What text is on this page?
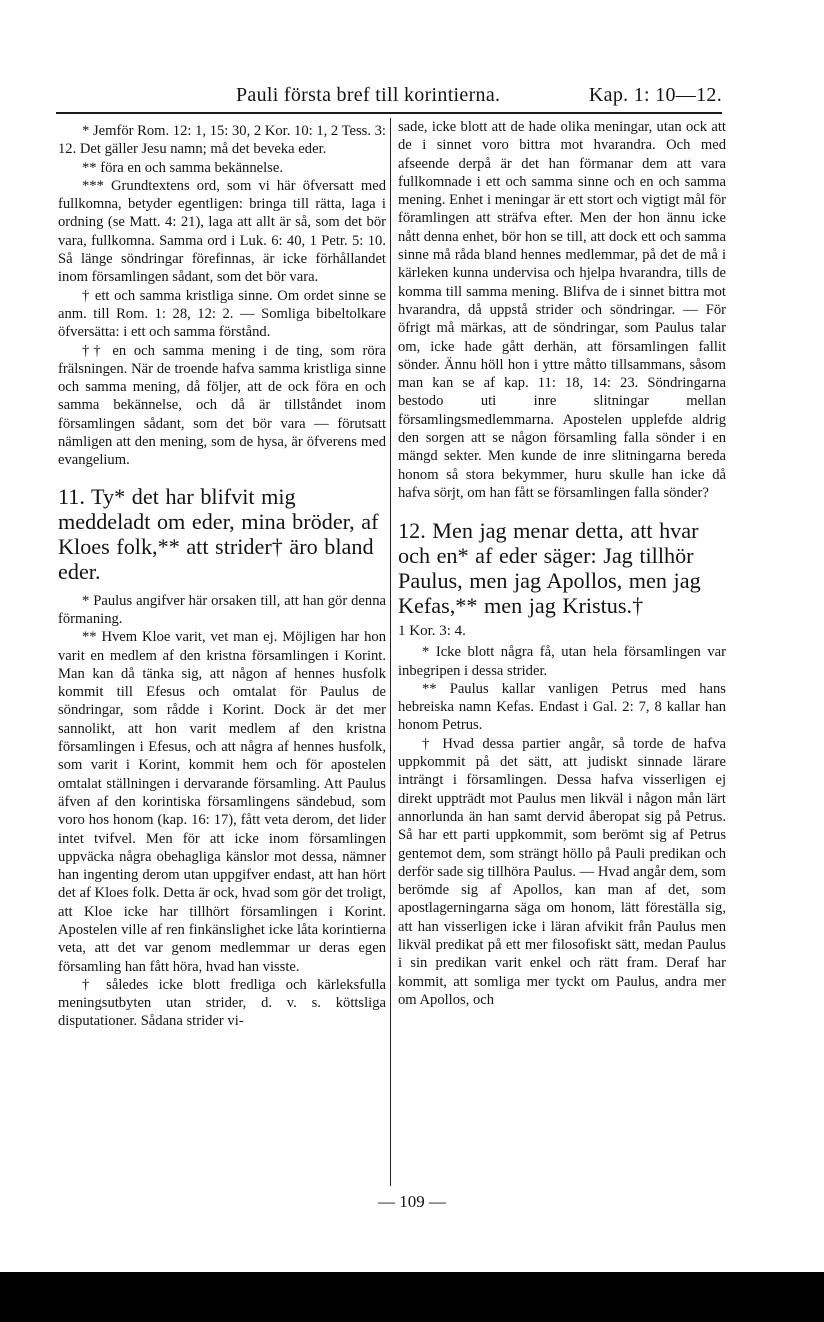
Pauli första bref till korintierna.	Kap. 1: 10—12.

* Jemför Rom. 12: 1, 15: 30, 2 Kor. 10: 1, 2 Tess. 3: 12. Det gäller Jesu namn; må det beveka eder.

** föra en och samma bekännelse.

*** Grundtextens ord, som vi här öfversatt med fullkomna, betyder egentligen: bringa till rätta, laga i ordning (se Matt. 4: 21), laga att allt är så, som det bör vara, fullkomna. Samma ord i Luk. 6: 40, 1 Petr. 5: 10. Så länge söndringar förefinnas, är icke förhållandet inom församlingen sådant, som det bör vara.

† ett och samma kristliga sinne. Om ordet sinne se anm. till Rom. 1: 28, 12: 2. — Somliga bibeltolkare öfversätta: i ett och samma förstånd.

†† en och samma mening i de ting, som röra frälsningen. När de troende hafva samma kristliga sinne och samma mening, då följer, att de ock föra en och samma bekännelse, och då är tillståndet inom församlingen sådant, som det bör vara — förutsatt nämligen att den mening, som de hysa, är öfverens med evangelium.

11. Ty* det har blifvit mig meddeladt om eder, mina bröder, af Kloes folk,** att strider† äro bland eder.

* Paulus angifver här orsaken till, att han gör denna förmaning.

** Hvem Kloe varit, vet man ej. Möjligen har hon varit en medlem af den kristna församlingen i Korint. Man kan då tänka sig, att någon af hennes husfolk kommit till Efesus och omtalat för Paulus de söndringar, som rådde i Korint. Dock är det mer sannolikt, att hon varit medlem af den kristna församlingen i Efesus, och att några af hennes husfolk, som varit i Korint, kommit hem och för apostelen omtalat ställningen i dervarande församling. Att Paulus äfven af den korintiska församlingens sändebud, som voro hos honom (kap. 16: 17), fått veta derom, det lider intet tvifvel. Men för att icke inom församlingen uppväcka några obehagliga känslor mot dessa, nämner han ingenting derom utan uppgifver endast, att han hört det af Kloes folk. Detta är ock, hvad som gör det troligt, att Kloe icke har tillhört församlingen i Korint. Apostelen ville af ren finkänslighet icke låta korintierna veta, att det var genom medlemmar ur deras egen församling han fått höra, hvad han visste.

† således icke blott fredliga och kärleksfulla meningsutbyten utan strider, d. v. s. köttsliga disputationer. Sådana strider vi-

sade, icke blott att de hade olika meningar, utan ock att de i sinnet voro bittra mot hvarandra. Och med afseende derpå är det han förmanar dem att vara fullkomnade i ett och samma sinne och en och samma mening. Enhet i meningar är ett stort och vigtigt mål för föramlingen att sträfva efter. Men der hon ännu icke nått denna enhet, bör hon se till, att dock ett och samma sinne må råda bland hennes medlemmar, på det de må i kärleken kunna undervisa och hjelpa hvarandra, tills de komma till samma mening. Blifva de i sinnet bittra mot hvarandra, då uppstå strider och söndringar. — För öfrigt må märkas, att de söndringar, som Paulus talar om, icke hade gått derhän, att församlingen fallit sönder. Ännu höll hon i yttre måtto tillsammans, såsom man kan se af kap. 11: 18, 14: 23. Söndringarna bestodo uti inre slitningar mellan församlingsmedlemmarna. Apostelen upplefde aldrig den sorgen att se någon församling falla sönder i en mängd sekter. Men kunde de inre slitningarna bereda honom så stora bekymmer, huru skulle han icke då hafva sörjt, om han fått se församlingen falla sönder?

12. Men jag menar detta, att hvar och en* af eder säger: Jag tillhör Paulus, men jag Apollos, men jag Kefas,** men jag Kristus.†

1 Kor. 3: 4.

* Icke blott några få, utan hela församlingen var inbegripen i dessa strider.

** Paulus kallar vanligen Petrus med hans hebreiska namn Kefas. Endast i Gal. 2: 7, 8 kallar han honom Petrus.

† Hvad dessa partier angår, så torde de hafva uppkommit på det sätt, att judiskt sinnade lärare inträngt i församlingen. Dessa hafva visserligen ej direkt uppträdt mot Paulus men likväl i någon mån lärt annorlunda än han samt dervid åberopat sig på Petrus. Så har ett parti uppkommit, som berömt sig af Petrus gentemot dem, som strängt höllo på Pauli predikan och derför sade sig tillhöra Paulus. — Hvad angår dem, som berömde sig af Apollos, kan man af det, som apostlagerningarna säga om honom, lätt föreställa sig, att han visserligen icke i läran afvikit från Paulus men likväl predikat på ett mer filosofiskt sätt, medan Paulus i sin predikan varit enkel och rätt fram. Deraf har kommit, att somliga mer tyckt om Paulus, andra mer om Apollos, och

— 109 —
